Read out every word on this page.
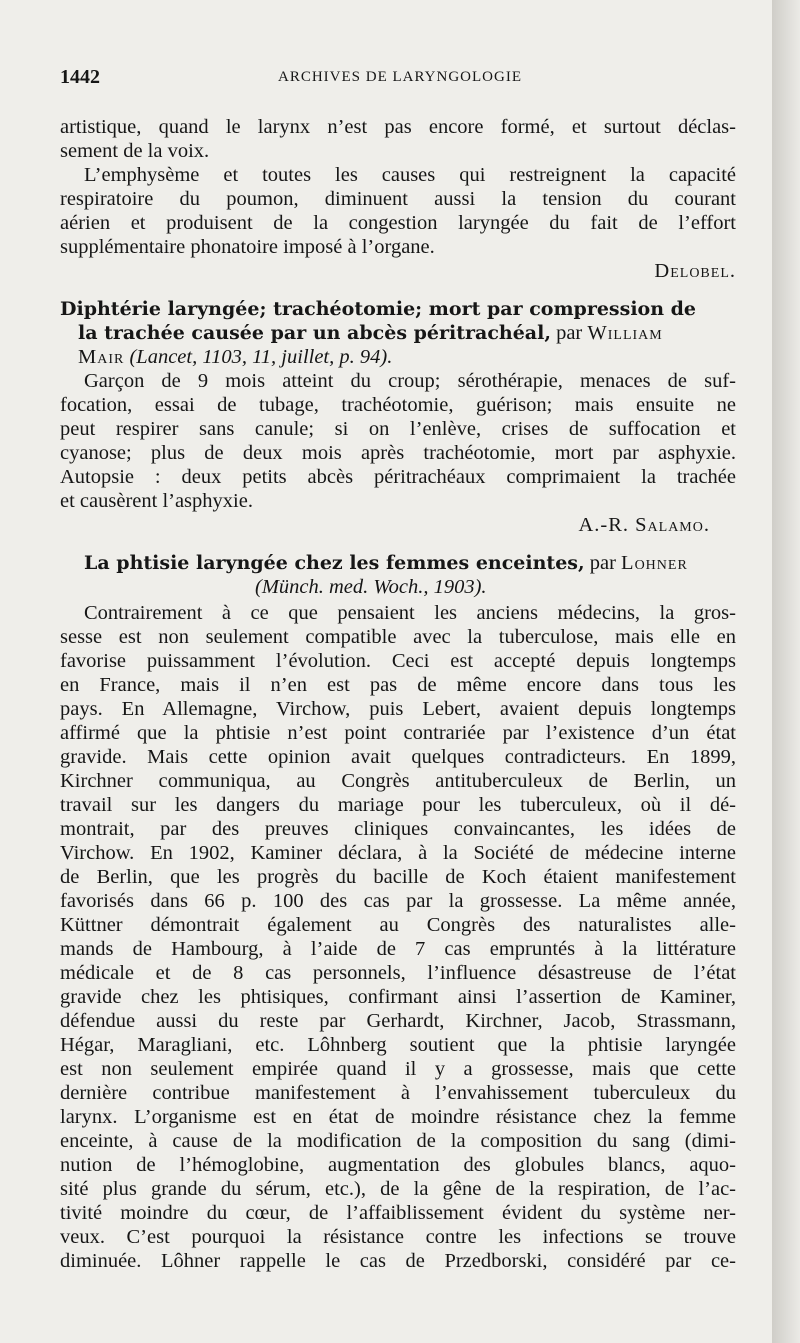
1442	ARCHIVES DE LARYNGOLOGIE
artistique, quand le larynx n’est pas encore formé, et surtout déclas-
sement de la voix.
L’emphysème et toutes les causes qui restreignent la capacité
respiratoire du poumon, diminuent aussi la tension du courant
aérien et produisent de la congestion laryngée du fait de l’effort
supplémentaire phonatoire imposé à l’organe.
Delobel.
Diphtérie laryngée; trachéotomie; mort par compression de
la trachée causée par un abcès péritrachéal, par William
Mair (Lancet, 1103, 11, juillet, p. 94).
Garçon de 9 mois atteint du croup; sérothérapie, menaces de suf-
focation, essai de tubage, trachéotomie, guérison; mais ensuite ne
peut respirer sans canule; si on l’enlève, crises de suffocation et
cyanose; plus de deux mois après trachéotomie, mort par asphyxie.
Autopsie : deux petits abcès péritrachéaux comprimaient la trachée
et causèrent l’asphyxie.
A.-R. Salamo.
La phtisie laryngée chez les femmes enceintes, par Lohner
(Münch. med. Woch., 1903).
Contrairement à ce que pensaient les anciens médecins, la gros-
sesse est non seulement compatible avec la tuberculose, mais elle en
favorise puissamment l’évolution. Ceci est accepté depuis longtemps
en France, mais il n’en est pas de même encore dans tous les
pays. En Allemagne, Virchow, puis Lebert, avaient depuis longtemps
affirmé que la phtisie n’est point contrariée par l’existence d’un état
gravide. Mais cette opinion avait quelques contradicteurs. En 1899,
Kirchner communiqua, au Congrès antituberculeux de Berlin, un
travail sur les dangers du mariage pour les tuberculeux, où il dé-
montrait, par des preuves cliniques convaincantes, les idées de
Virchow. En 1902, Kaminer déclara, à la Société de médecine interne
de Berlin, que les progrès du bacille de Koch étaient manifestement
favorisés dans 66 p. 100 des cas par la grossesse. La même année,
Küttner démontrait également au Congrès des naturalistes alle-
mands de Hambourg, à l’aide de 7 cas empruntés à la littérature
médicale et de 8 cas personnels, l’influence désastreuse de l’état
gravide chez les phtisiques, confirmant ainsi l’assertion de Kaminer,
défendue aussi du reste par Gerhardt, Kirchner, Jacob, Strassmann,
Hégar, Maragliani, etc. Lôhnberg soutient que la phtisie laryngée
est non seulement empirée quand il y a grossesse, mais que cette
dernière contribue manifestement à l’envahissement tuberculeux du
larynx. L’organisme est en état de moindre résistance chez la femme
enceinte, à cause de la modification de la composition du sang (dimi-
nution de l’hémoglobine, augmentation des globules blancs, aquo-
sité plus grande du sérum, etc.), de la gêne de la respiration, de l’ac-
tivité moindre du cœur, de l’affaiblissement évident du système ner-
veux. C’est pourquoi la résistance contre les infections se trouve
diminuée. Lôhner rappelle le cas de Przedborski, considéré par ce-
